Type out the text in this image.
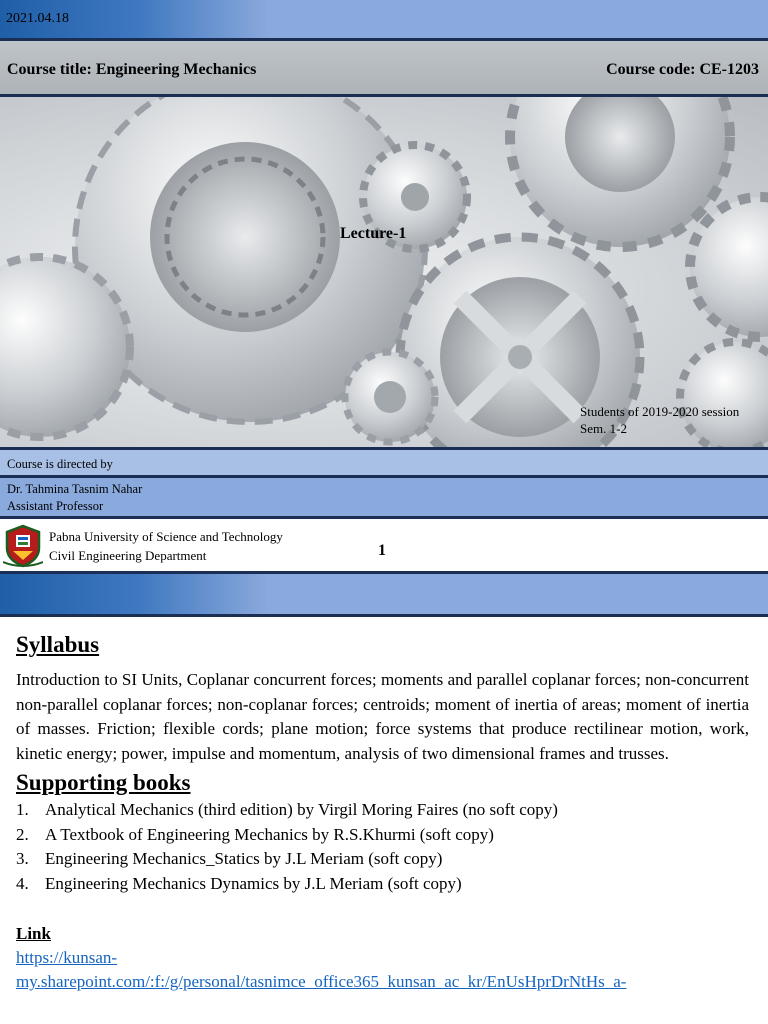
2021.04.18
Course title: Engineering Mechanics	Course code: CE-1203
Lecture-1
Students of 2019-2020 session
Sem. 1-2
Course is directed by
Dr. Tahmina Tasnim Nahar
Assistant Professor
Pabna University of Science and Technology
Civil Engineering Department	1
Syllabus
Introduction to SI Units, Coplanar concurrent forces; moments and parallel coplanar forces; non-concurrent non-parallel coplanar forces; non-coplanar forces; centroids; moment of inertia of areas; moment of inertia of masses. Friction; flexible cords; plane motion; force systems that produce rectilinear motion, work, kinetic energy; power, impulse and momentum, analysis of two dimensional frames and trusses.
Supporting books
1. Analytical Mechanics (third edition) by Virgil Moring Faires (no soft copy)
2. A Textbook of Engineering Mechanics by R.S.Khurmi (soft copy)
3. Engineering Mechanics_Statics by J.L Meriam (soft copy)
4. Engineering Mechanics Dynamics by J.L Meriam (soft copy)
Link
https://kunsan-
my.sharepoint.com/:f:/g/personal/tasnimce_office365_kunsan_ac_kr/EnUsHprDrNtHs_a-
